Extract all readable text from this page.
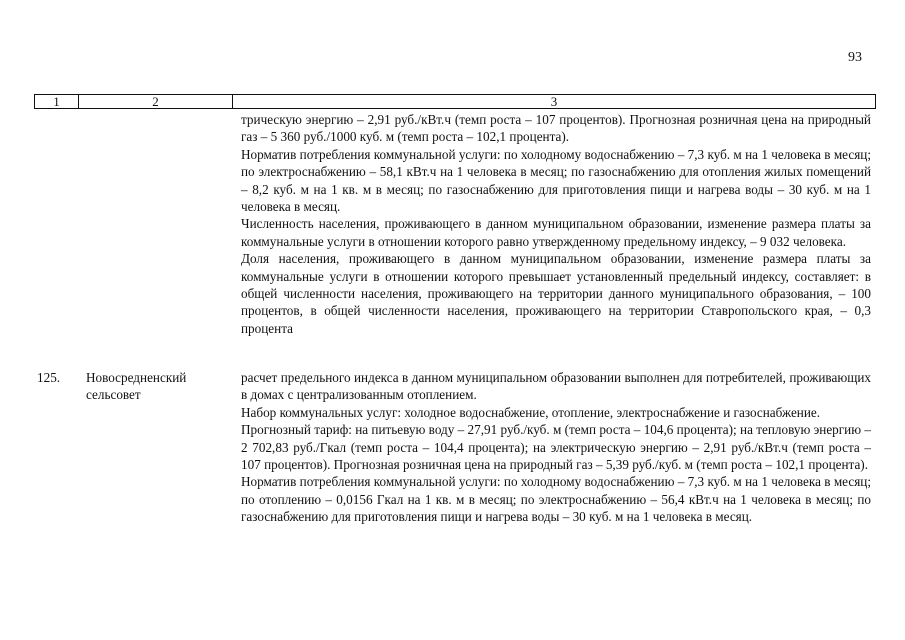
93
1	2	3

трическую энергию – 2,91 руб./кВт.ч (темп роста – 107 процентов). Прогнозная розничная цена на природный газ – 5 360 руб./1000 куб. м (темп роста – 102,1 процента).

Норматив потребления коммунальной услуги: по холодному водоснабжению – 7,3 куб. м на 1 человека в месяц; по электроснабжению – 58,1 кВт.ч на 1 человека в месяц; по газоснабжению для отопления жилых помещений – 8,2 куб. м на 1 кв. м в месяц; по газоснабжению для приготовления пищи и нагрева воды – 30 куб. м на 1 человека в месяц.

Численность населения, проживающего в данном муниципальном образовании, изменение размера платы за коммунальные услуги в отношении которого равно утвержденному предельному индексу, – 9 032 человека.

Доля населения, проживающего в данном муниципальном образовании, изменение размера платы за коммунальные услуги в отношении которого превышает установленный предельный индексу, составляет: в общей численности населения, проживающего на территории данного муниципального образования, – 100 процентов, в общей численности населения, проживающего на территории Ставропольского края, – 0,3 процента

125. Новосредненский сельсовет

расчет предельного индекса в данном муниципальном образовании выполнен для потребителей, проживающих в домах с централизованным отоплением.

Набор коммунальных услуг: холодное водоснабжение, отопление, электроснабжение и газоснабжение.

Прогнозный тариф: на питьевую воду – 27,91 руб./куб. м (темп роста – 104,6 процента); на тепловую энергию – 2 702,83 руб./Гкал (темп роста – 104,4 процента); на электрическую энергию – 2,91 руб./кВт.ч (темп роста – 107 процентов). Прогнозная розничная цена на природный газ – 5,39 руб./куб. м (темп роста – 102,1 процента).

Норматив потребления коммунальной услуги: по холодному водоснабжению – 7,3 куб. м на 1 человека в месяц; по отоплению – 0,0156 Гкал на 1 кв. м в месяц; по электроснабжению – 56,4 кВт.ч на 1 человека в месяц; по газоснабжению для приготовления пищи и нагрева воды – 30 куб. м на 1 человека в месяц.
